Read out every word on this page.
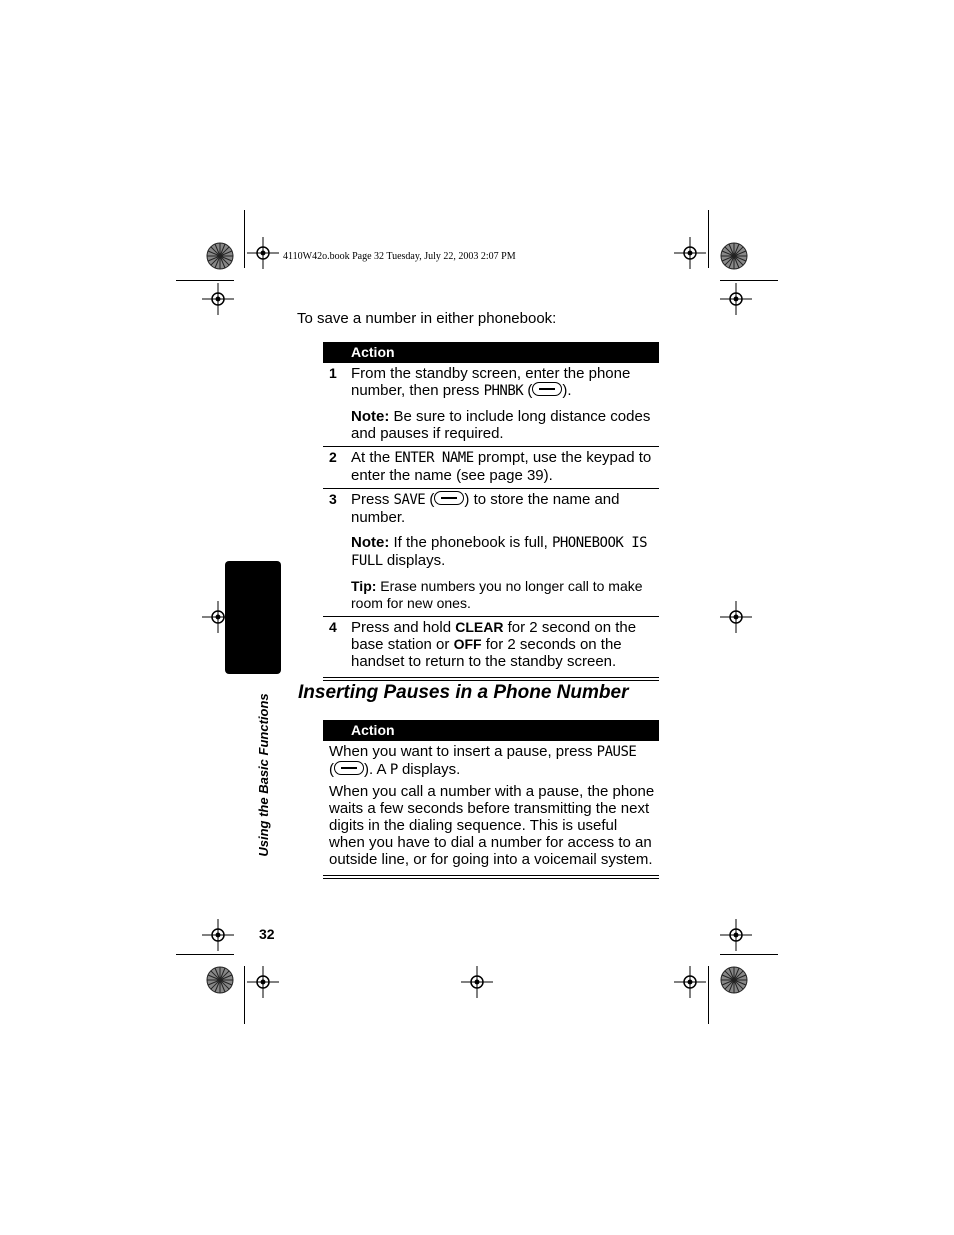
4110W42o.book Page 32 Tuesday, July 22, 2003 2:07 PM
To save a number in either phonebook:
Action
1 From the standby screen, enter the phone number, then press PHNBK ( ).

Note: Be sure to include long distance codes and pauses if required.

2 At the ENTER NAME prompt, use the keypad to enter the name (see page 39).

3 Press SAVE ( ) to store the name and number.

Note: If the phonebook is full, PHONEBOOK IS FULL displays.

Tip: Erase numbers you no longer call to make room for new ones.

4 Press and hold CLEAR for 2 second on the base station or OFF for 2 seconds on the handset to return to the standby screen.

Inserting Pauses in a Phone Number
Action

When you want to insert a pause, press PAUSE
( ). A P displays.

When you call a number with a pause, the phone waits a few seconds before transmitting the next digits in the dialing sequence. This is useful when you have to dial a number for access to an outside line, or for going into a voicemail system.

Using the Basic Functions
32
